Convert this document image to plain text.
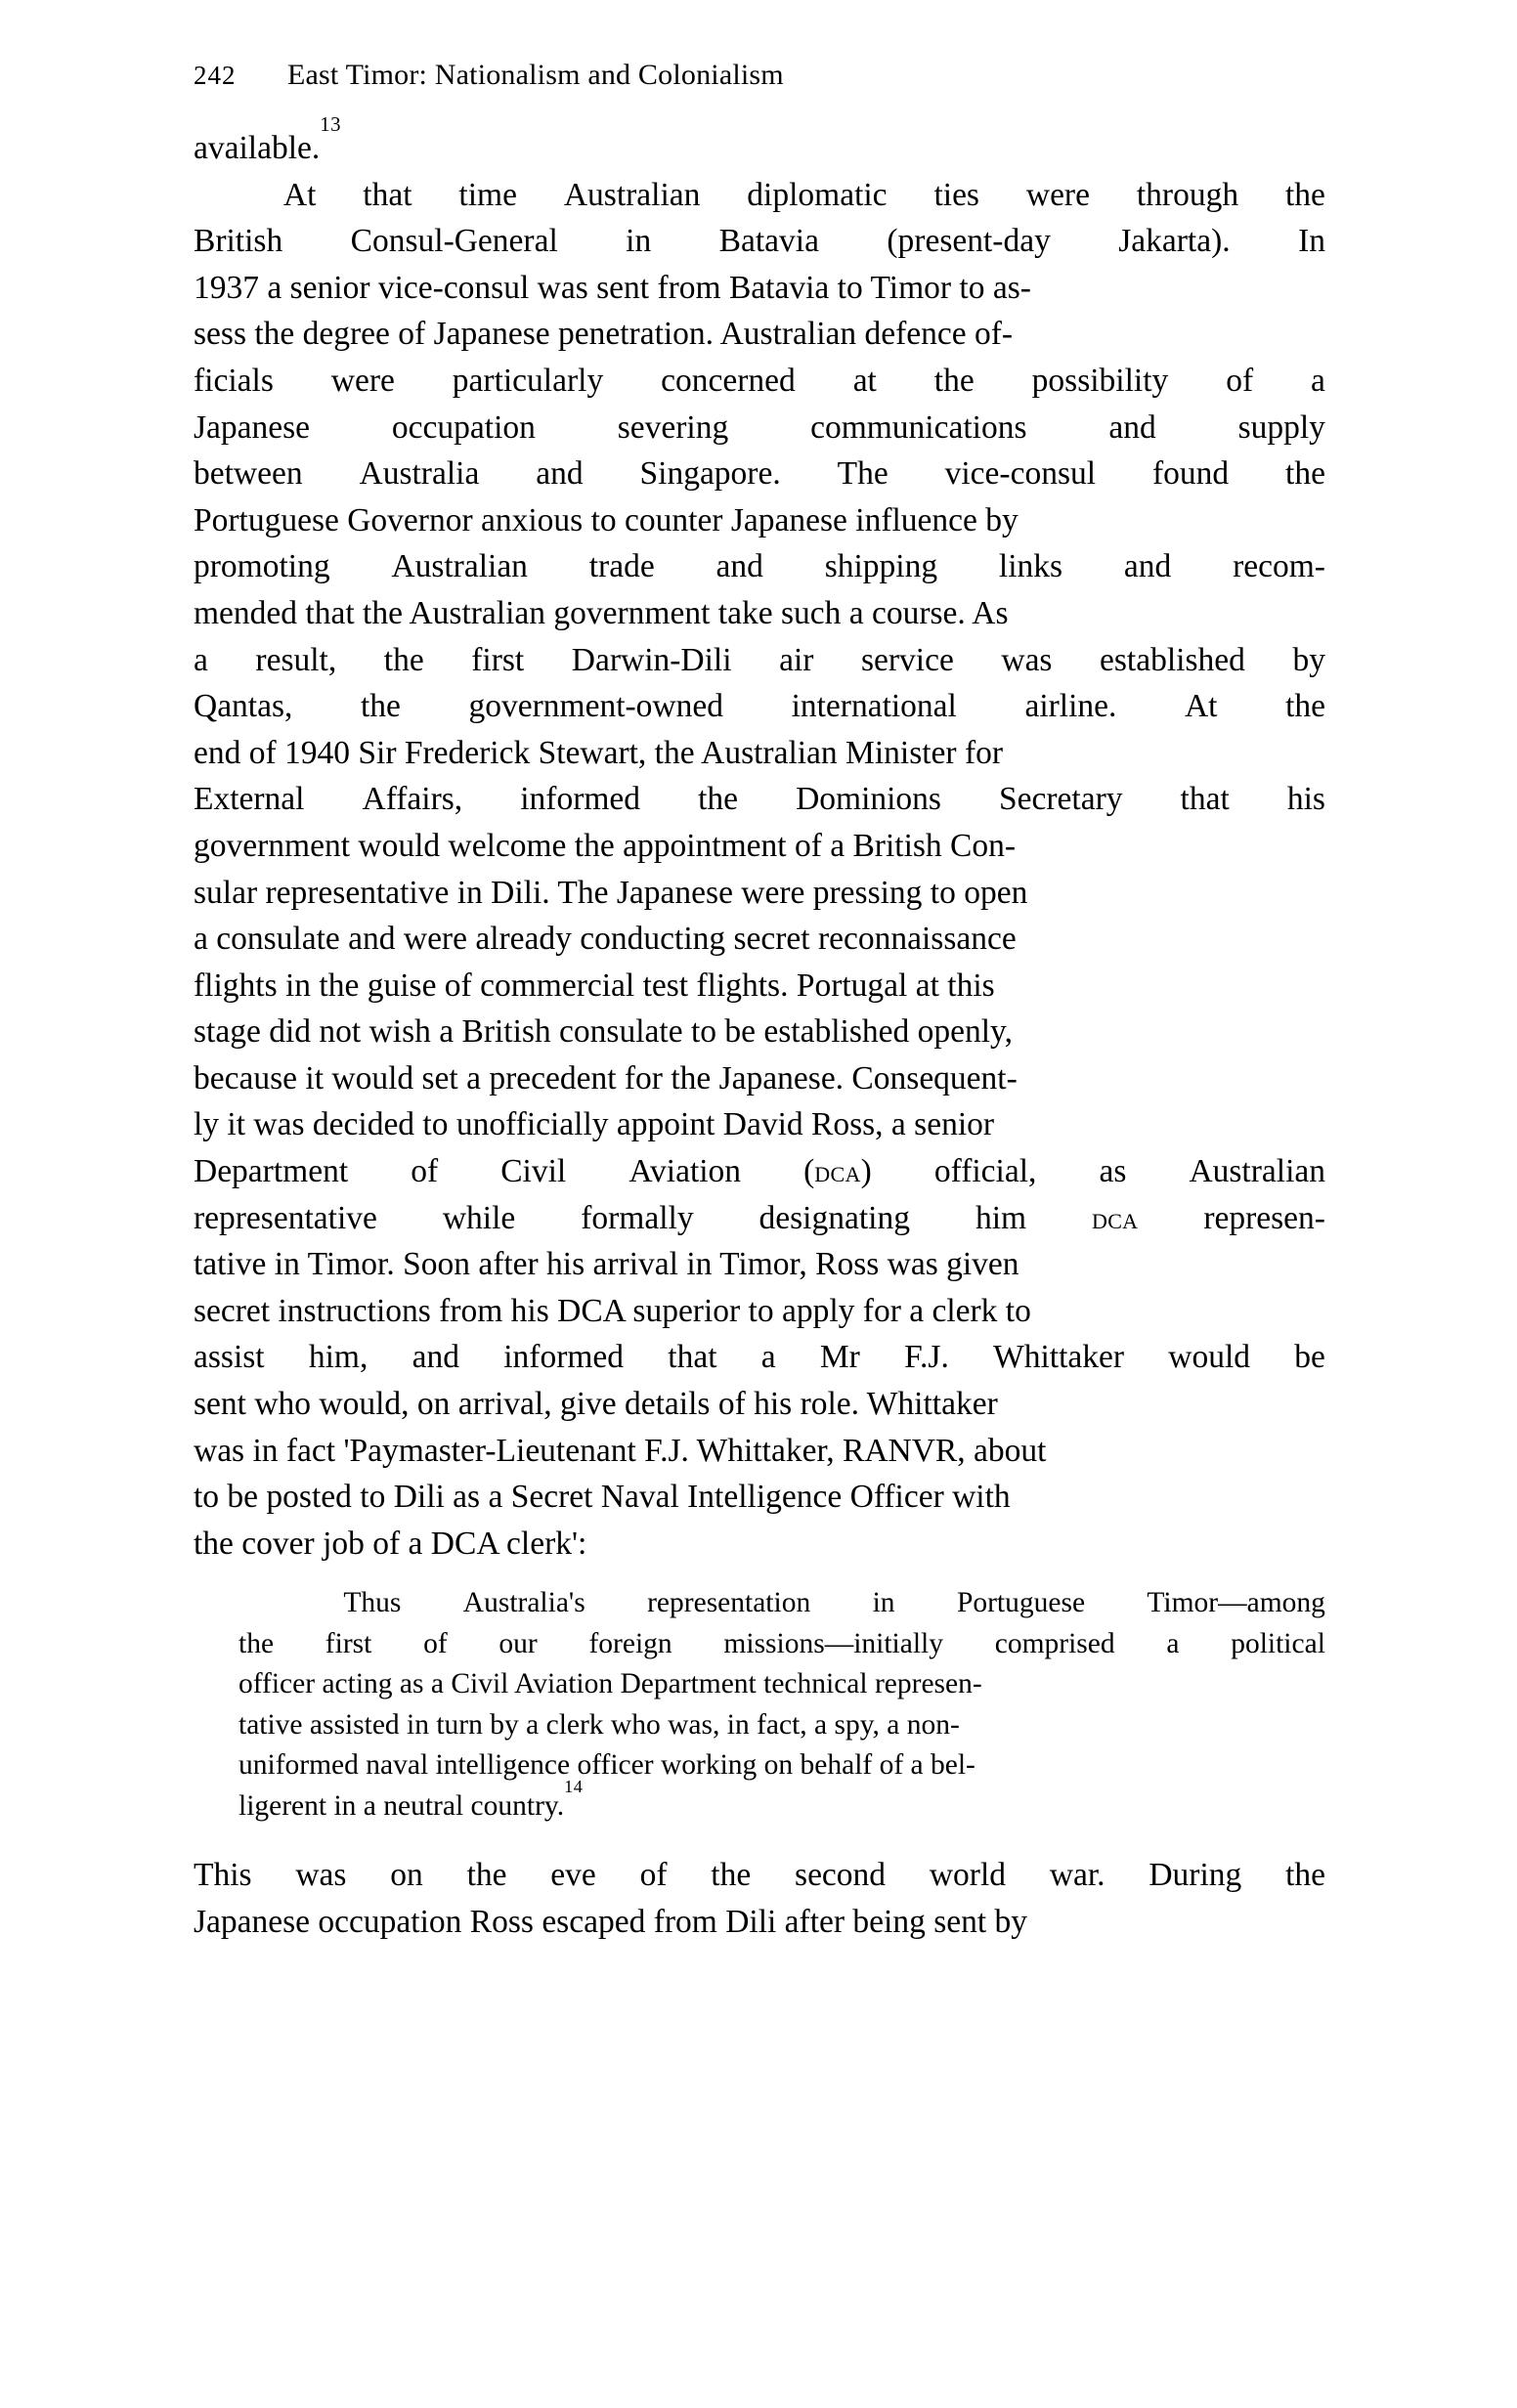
242 East Timor: Nationalism and Colonialism
available.
13
At that time Australian diplomatic ties were through the
British Consul-General in Batavia (present-day Jakarta). In
1937 a senior vice-consul was sent from Batavia to Timor to as-
sess the degree of Japanese penetration. Australian defence of-
ficials were particularly concerned at the possibility of a
Japanese	occupation	severing	communications	and	supply
between Australia and Singapore. The vice-consul found the
Portuguese Governor anxious to counter Japanese influence by
promoting Australian trade and shipping links and recom-
mended that the Australian government take such a course. As
a result, the first Darwin-Dili air service was established by
Qantas, the government-owned international airline. At the
end of 1940 Sir Frederick Stewart, the Australian Minister for
External Affairs, informed the Dominions Secretary that his
government would welcome the appointment of a British Con-
sular representative in Dili. The Japanese were pressing to open
a consulate and were already conducting secret reconnaissance
flights in the guise of commercial test flights. Portugal at this
stage did not wish a British consulate to be established openly,
because it would set a precedent for the Japanese. Consequent-
ly it was decided to unofficially appoint David Ross, a senior
Department of Civil Aviation (dca) official, as Australian
representative while formally designating him dca represen-
tative in Timor. Soon after his arrival in Timor, Ross was given
secret instructions from his DCA superior to apply for a clerk to
assist him, and informed that a Mr F.J. Whittaker would be
sent who would, on arrival, give details of his role. Whittaker
was in fact 'Paymaster-Lieutenant F.J. Whittaker, RANVR, about
to be posted to Dili as a Secret Naval Intelligence Officer with
the cover job of a DCA clerk':
Thus Australia's representation in Portuguese Timor—among
the first of our foreign missions—initially comprised a political
officer acting as a Civil Aviation Department technical represen-
tative assisted in turn by a clerk who was, in fact, a spy, a non-
uniformed naval intelligence officer working on behalf of a bel-
ligerent in a neutral country.
14
This was on the eve of the second world war. During the
Japanese occupation Ross escaped from Dili after being sent by
